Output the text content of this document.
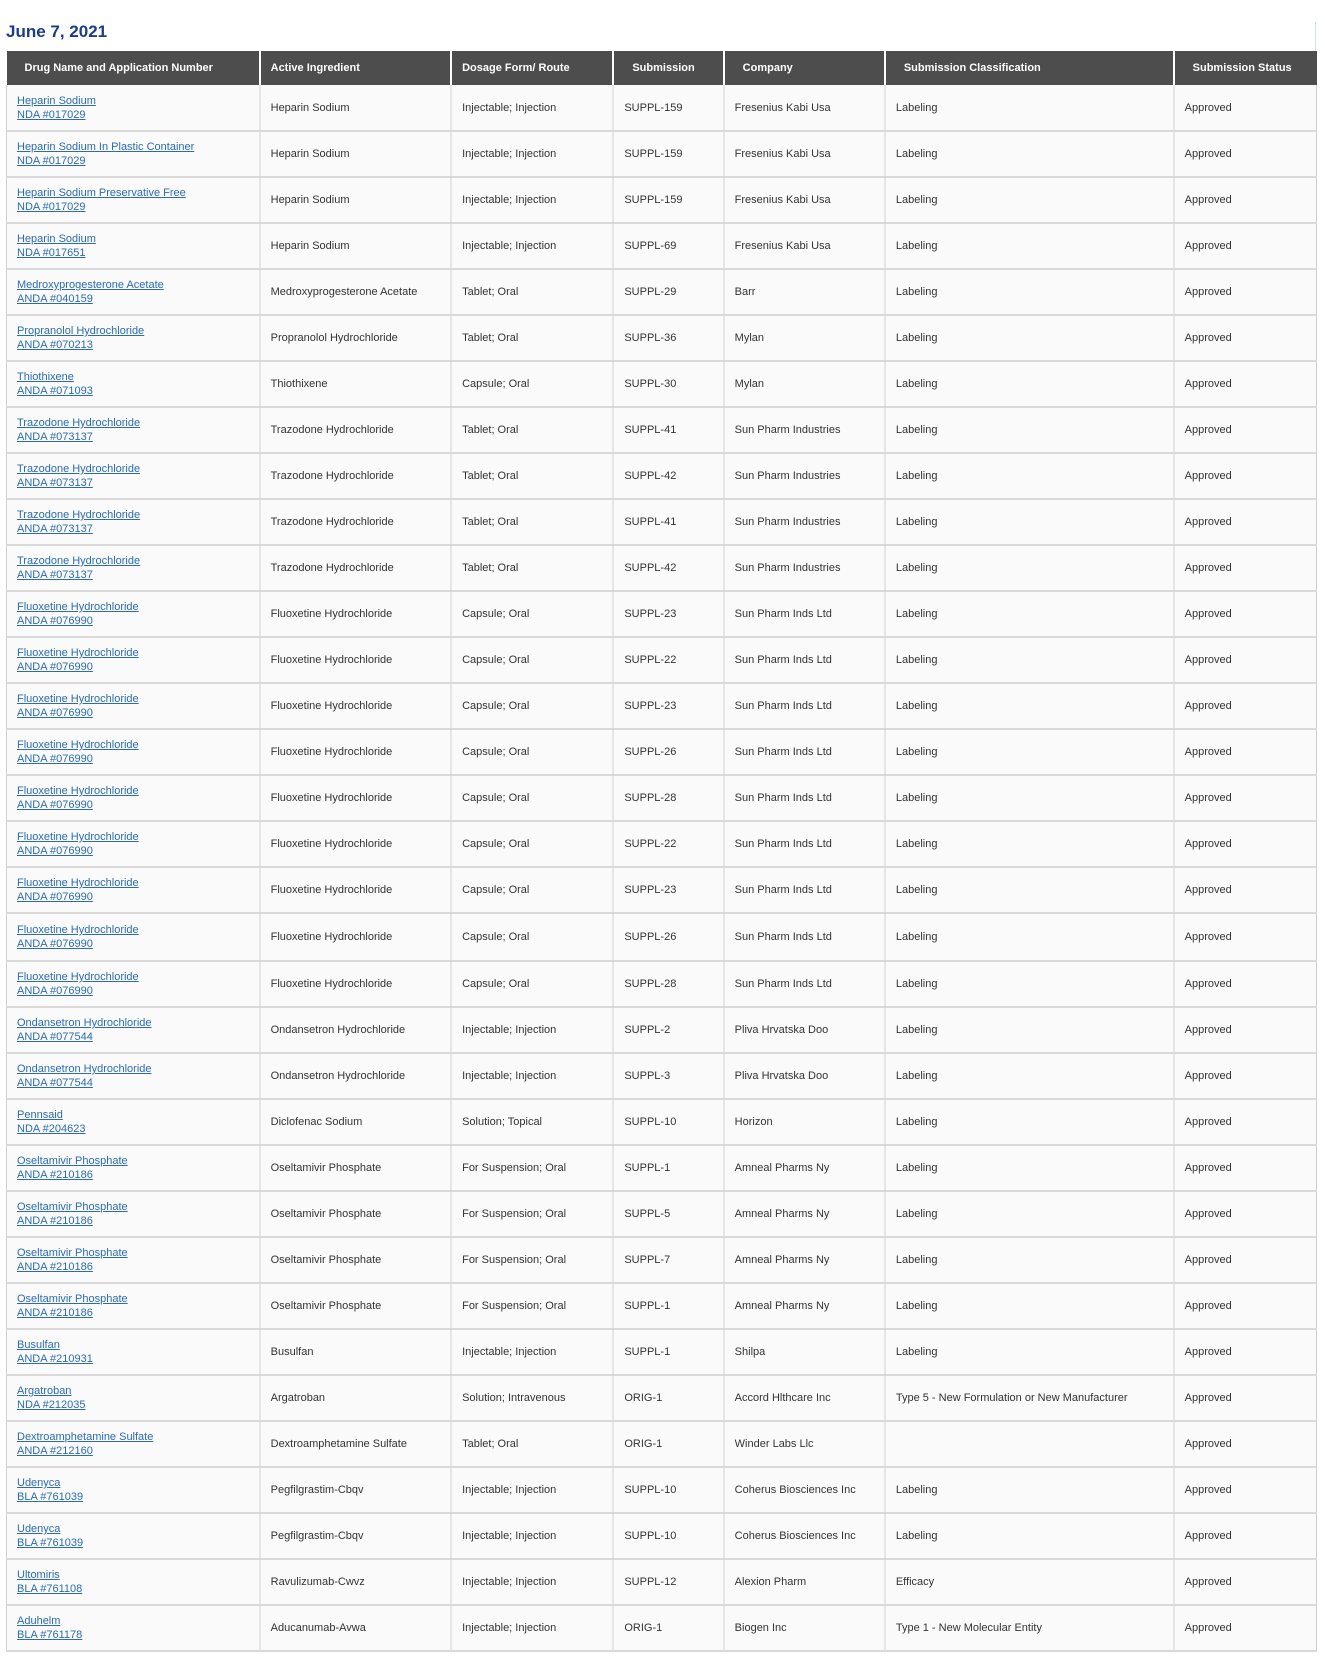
June 7, 2021
Drug Name and Application Number	Active Ingredient	Dosage Form/ Route	Submission	Company	Submission Classification	Submission Status

Heparin Sodium
NDA #017029	Heparin Sodium	Injectable; Injection	SUPPL-159	Fresenius Kabi Usa	Labeling	Approved

Heparin Sodium In Plastic Container
NDA #017029	Heparin Sodium	Injectable; Injection	SUPPL-159	Fresenius Kabi Usa	Labeling	Approved

Heparin Sodium Preservative Free
NDA #017029	Heparin Sodium	Injectable; Injection	SUPPL-159	Fresenius Kabi Usa	Labeling	Approved

Heparin Sodium
NDA #017651	Heparin Sodium	Injectable; Injection	SUPPL-69	Fresenius Kabi Usa	Labeling	Approved

Medroxyprogesterone Acetate
ANDA #040159	Medroxyprogesterone Acetate	Tablet; Oral	SUPPL-29	Barr	Labeling	Approved

Propranolol Hydrochloride
ANDA #070213	Propranolol Hydrochloride	Tablet; Oral	SUPPL-36	Mylan	Labeling	Approved

Thiothixene
ANDA #071093	Thiothixene	Capsule; Oral	SUPPL-30	Mylan	Labeling	Approved

Trazodone Hydrochloride
ANDA #073137	Trazodone Hydrochloride	Tablet; Oral	SUPPL-41	Sun Pharm Industries	Labeling	Approved

Trazodone Hydrochloride
ANDA #073137	Trazodone Hydrochloride	Tablet; Oral	SUPPL-42	Sun Pharm Industries	Labeling	Approved

Trazodone Hydrochloride
ANDA #073137	Trazodone Hydrochloride	Tablet; Oral	SUPPL-41	Sun Pharm Industries	Labeling	Approved

Trazodone Hydrochloride
ANDA #073137	Trazodone Hydrochloride	Tablet; Oral	SUPPL-42	Sun Pharm Industries	Labeling	Approved

Fluoxetine Hydrochloride
ANDA #076990	Fluoxetine Hydrochloride	Capsule; Oral	SUPPL-23	Sun Pharm Inds Ltd	Labeling	Approved

Fluoxetine Hydrochloride
ANDA #076990	Fluoxetine Hydrochloride	Capsule; Oral	SUPPL-22	Sun Pharm Inds Ltd	Labeling	Approved

Fluoxetine Hydrochloride
ANDA #076990	Fluoxetine Hydrochloride	Capsule; Oral	SUPPL-23	Sun Pharm Inds Ltd	Labeling	Approved

Fluoxetine Hydrochloride
ANDA #076990	Fluoxetine Hydrochloride	Capsule; Oral	SUPPL-26	Sun Pharm Inds Ltd	Labeling	Approved

Fluoxetine Hydrochloride
ANDA #076990	Fluoxetine Hydrochloride	Capsule; Oral	SUPPL-28	Sun Pharm Inds Ltd	Labeling	Approved

Fluoxetine Hydrochloride
ANDA #076990	Fluoxetine Hydrochloride	Capsule; Oral	SUPPL-22	Sun Pharm Inds Ltd	Labeling	Approved

Fluoxetine Hydrochloride
ANDA #076990	Fluoxetine Hydrochloride	Capsule; Oral	SUPPL-23	Sun Pharm Inds Ltd	Labeling	Approved

Fluoxetine Hydrochloride
ANDA #076990	Fluoxetine Hydrochloride	Capsule; Oral	SUPPL-26	Sun Pharm Inds Ltd	Labeling	Approved

Fluoxetine Hydrochloride
ANDA #076990	Fluoxetine Hydrochloride	Capsule; Oral	SUPPL-28	Sun Pharm Inds Ltd	Labeling	Approved

Ondansetron Hydrochloride
ANDA #077544	Ondansetron Hydrochloride	Injectable; Injection	SUPPL-2	Pliva Hrvatska Doo	Labeling	Approved

Ondansetron Hydrochloride
ANDA #077544	Ondansetron Hydrochloride	Injectable; Injection	SUPPL-3	Pliva Hrvatska Doo	Labeling	Approved

Pennsaid
NDA #204623	Diclofenac Sodium	Solution; Topical	SUPPL-10	Horizon	Labeling	Approved

Oseltamivir Phosphate
ANDA #210186	Oseltamivir Phosphate	For Suspension; Oral	SUPPL-1	Amneal Pharms Ny	Labeling	Approved

Oseltamivir Phosphate
ANDA #210186	Oseltamivir Phosphate	For Suspension; Oral	SUPPL-5	Amneal Pharms Ny	Labeling	Approved

Oseltamivir Phosphate
ANDA #210186	Oseltamivir Phosphate	For Suspension; Oral	SUPPL-7	Amneal Pharms Ny	Labeling	Approved

Oseltamivir Phosphate
ANDA #210186	Oseltamivir Phosphate	For Suspension; Oral	SUPPL-1	Amneal Pharms Ny	Labeling	Approved

Busulfan
ANDA #210931	Busulfan	Injectable; Injection	SUPPL-1	Shilpa	Labeling	Approved

Argatroban
NDA #212035	Argatroban	Solution; Intravenous	ORIG-1	Accord Hlthcare Inc	Type 5 - New Formulation or New Manufacturer	Approved

Dextroamphetamine Sulfate
ANDA #212160	Dextroamphetamine Sulfate	Tablet; Oral	ORIG-1	Winder Labs Llc		Approved

Udenyca
BLA #761039	Pegfilgrastim-Cbqv	Injectable; Injection	SUPPL-10	Coherus Biosciences Inc	Labeling	Approved

Udenyca
BLA #761039	Pegfilgrastim-Cbqv	Injectable; Injection	SUPPL-10	Coherus Biosciences Inc	Labeling	Approved

Ultomiris
BLA #761108	Ravulizumab-Cwvz	Injectable; Injection	SUPPL-12	Alexion Pharm	Efficacy	Approved

Aduhelm
BLA #761178	Aducanumab-Avwa	Injectable; Injection	ORIG-1	Biogen Inc	Type 1 - New Molecular Entity	Approved
